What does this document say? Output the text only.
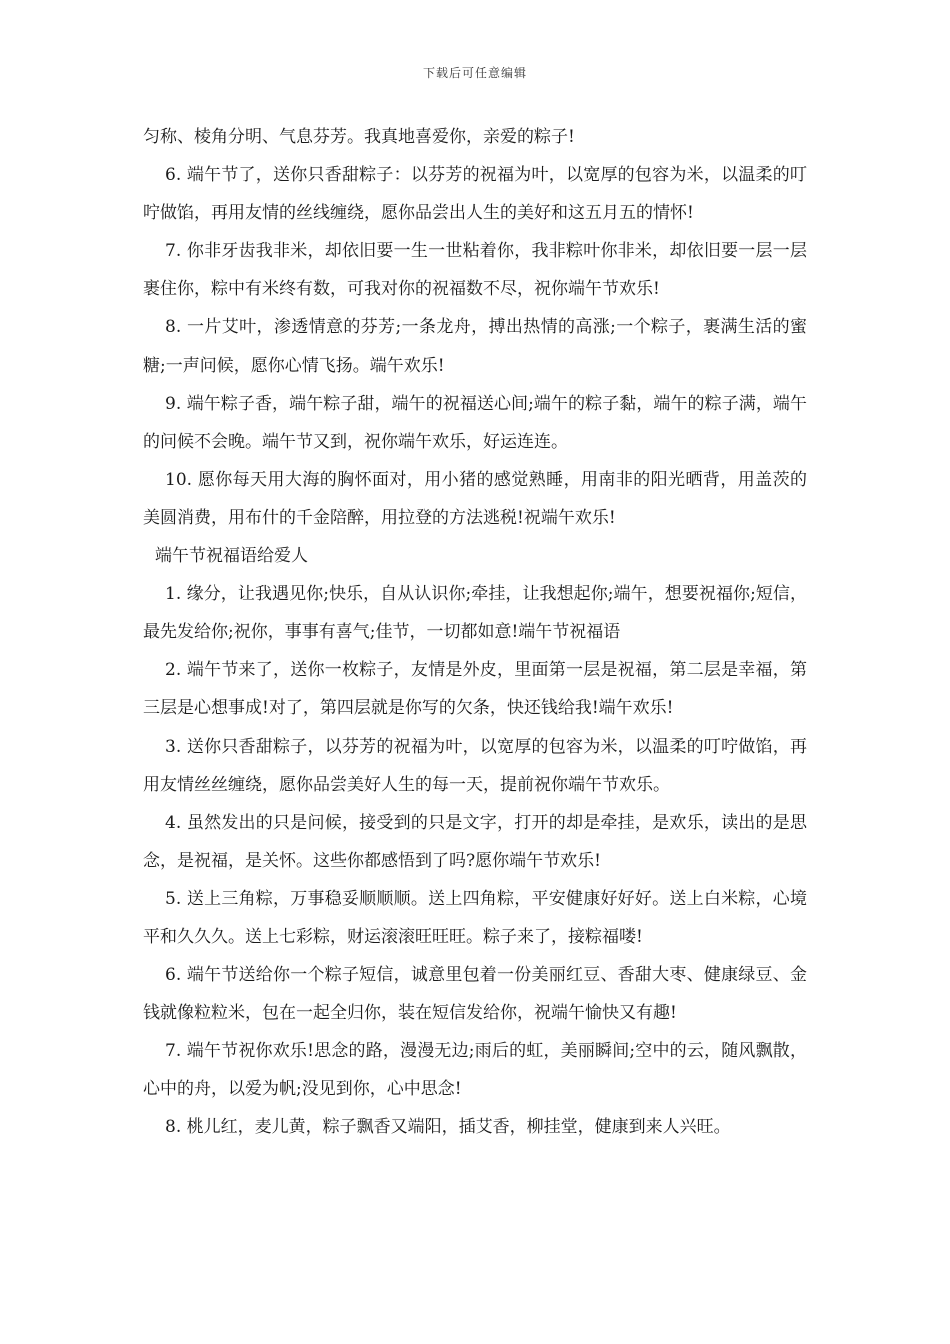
下载后可任意编辑

匀称、棱角分明、气息芬芳。我真地喜爱你，亲爱的粽子!

6. 端午节了，送你只香甜粽子：以芬芳的祝福为叶，以宽厚的包容为米，以温柔的叮咛做馅，再用友情的丝线缠绕，愿你品尝出人生的美好和这五月五的情怀!

7. 你非牙齿我非米，却依旧要一生一世粘着你，我非粽叶你非米，却依旧要一层一层裹住你，粽中有米终有数，可我对你的祝福数不尽，祝你端午节欢乐!

8. 一片艾叶，渗透情意的芬芳;一条龙舟，搏出热情的高涨;一个粽子，裹满生活的蜜糖;一声问候，愿你心情飞扬。端午欢乐!

9. 端午粽子香，端午粽子甜，端午的祝福送心间;端午的粽子黏，端午的粽子满，端午的问候不会晚。端午节又到，祝你端午欢乐，好运连连。

10. 愿你每天用大海的胸怀面对，用小猪的感觉熟睡，用南非的阳光晒背，用盖茨的美圆消费，用布什的千金陪醉，用拉登的方法逃税!祝端午欢乐!

端午节祝福语给爱人

1. 缘分，让我遇见你;快乐，自从认识你;牵挂，让我想起你;端午，想要祝福你;短信，最先发给你;祝你，事事有喜气;佳节，一切都如意!端午节祝福语

2. 端午节来了，送你一枚粽子，友情是外皮，里面第一层是祝福，第二层是幸福，第三层是心想事成!对了，第四层就是你写的欠条，快还钱给我!端午欢乐!

3. 送你只香甜粽子，以芬芳的祝福为叶，以宽厚的包容为米，以温柔的叮咛做馅，再用友情丝丝缠绕，愿你品尝美好人生的每一天，提前祝你端午节欢乐。

4. 虽然发出的只是问候，接受到的只是文字，打开的却是牵挂，是欢乐，读出的是思念，是祝福，是关怀。这些你都感悟到了吗?愿你端午节欢乐!

5. 送上三角粽，万事稳妥顺顺顺。送上四角粽，平安健康好好好。送上白米粽，心境平和久久久。送上七彩粽，财运滚滚旺旺旺。粽子来了，接粽福喽!

6. 端午节送给你一个粽子短信，诚意里包着一份美丽红豆、香甜大枣、健康绿豆、金钱就像粒粒米，包在一起全归你，装在短信发给你，祝端午愉快又有趣!

7. 端午节祝你欢乐!思念的路，漫漫无边;雨后的虹，美丽瞬间;空中的云，随风飘散，心中的舟，以爱为帆;没见到你，心中思念!

8. 桃儿红，麦儿黄，粽子飘香又端阳，插艾香，柳挂堂，健康到来人兴旺。
